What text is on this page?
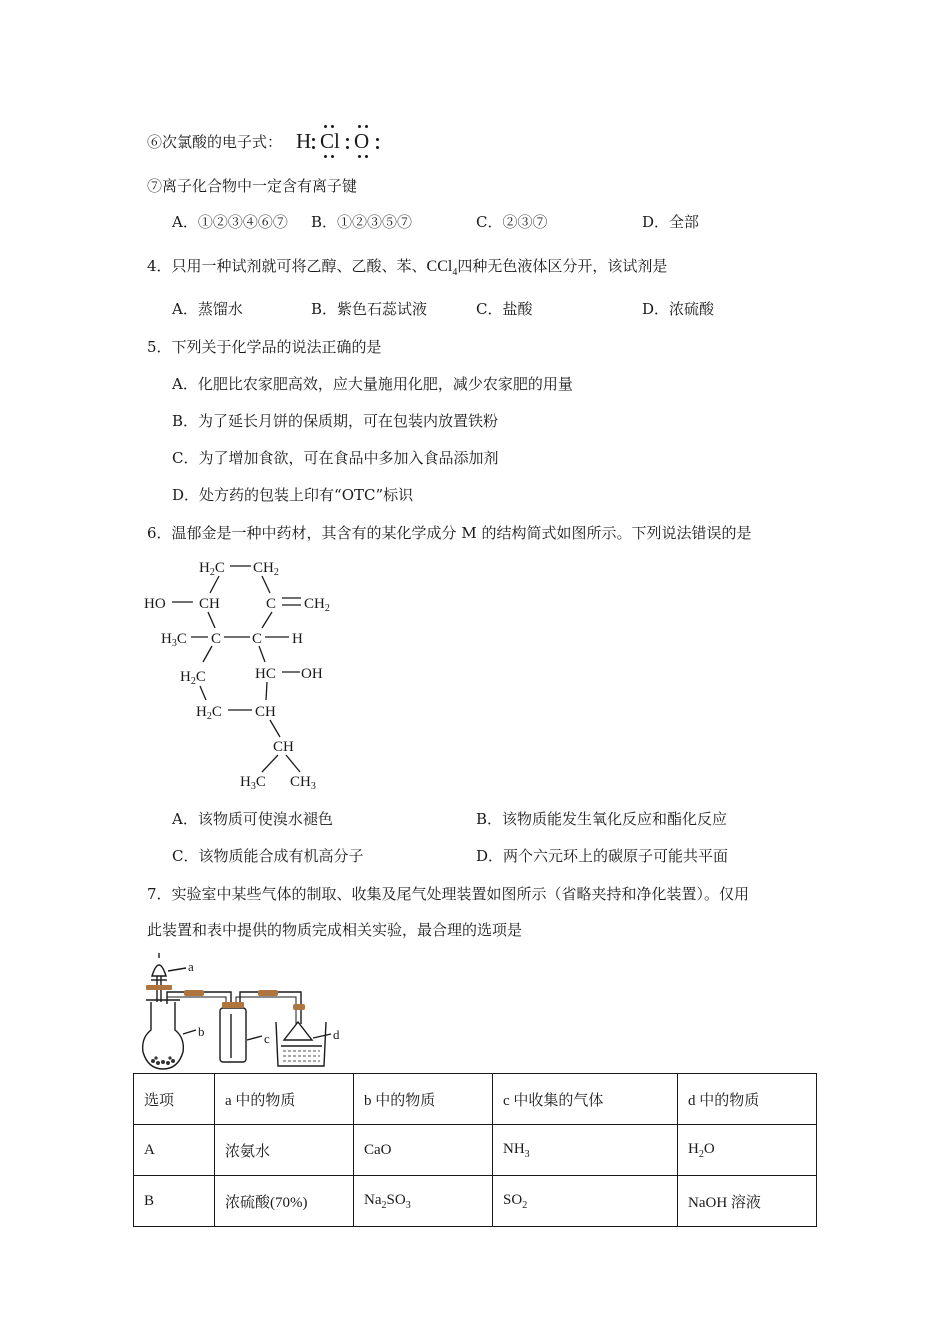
⑥次氯酸的电子式： H Cl O
⑦离子化合物中一定含有离子键
A．①②③④⑥⑦ B．①②③⑤⑦	C．②③⑦	D．全部
4．只用一种试剂就可将乙醇、乙酸、苯、CCl$_4$四种无色液体区分开，该试剂是
A．蒸馏水	B．紫色石蕊试液	C．盐酸	D．浓硫酸
5．下列关于化学品的说法正确的是
A．化肥比农家肥高效，应大量施用化肥，减少农家肥的用量
B．为了延长月饼的保质期，可在包装内放置铁粉
C．为了增加食欲，可在食品中多加入食品添加剂
D．处方药的包装上印有“OTC”标识
6．温郁金是一种中药材，其含有的某化学成分 M 的结构简式如图所示。下列说法错误的是
$H_2C$ $CH_2$
HO CH	C $CH_2$
$H_3C$ C C H
$H_2C$	HC OH
$H_2C$ CH
CH
$H_3C$ $CH_3$
A．该物质可使溴水褪色	B．该物质能发生氧化反应和酯化反应
C．该物质能合成有机高分子	D．两个六元环上的碳原子可能共平面
7．实验室中某些气体的制取、收集及尾气处理装置如图所示（省略夹持和净化装置）。仅用
此装置和表中提供的物质完成相关实验，最合理的选项是
a
b	c	d
选项	a 中的物质	b 中的物质	c 中收集的气体	d 中的物质
A	浓氨水	CaO	$NH_3$	$H_2O$
B	浓硫酸(70%)	$Na_2SO_3$	$SO_2$	NaOH 溶液
